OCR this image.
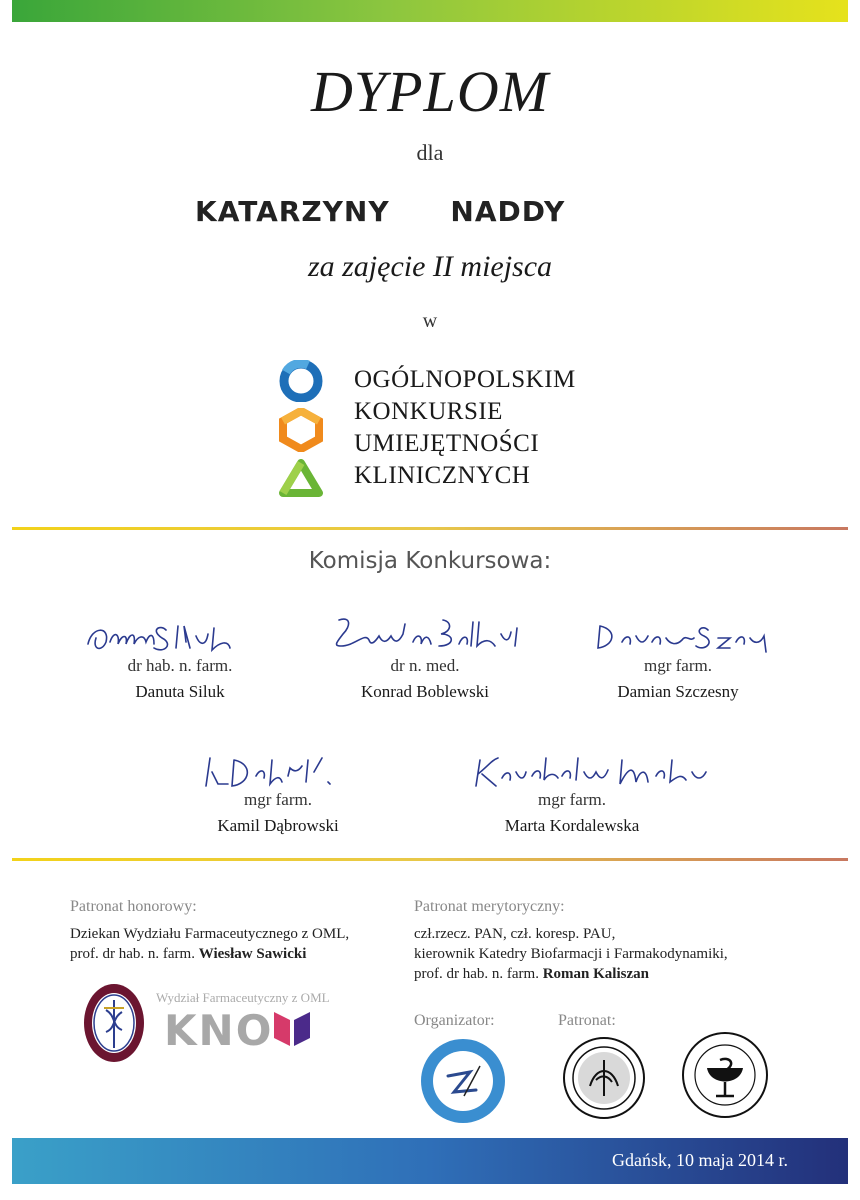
DYPLOM
dla
KATARZYNY NADDY
za zajęcie II miejsca
w
OGÓLNOPOLSKIM
KONKURSIE
UMIEJĘTNOŚCI
KLINICZNYCH
Komisja Konkursowa:
dr hab. n. farm.
Danuta Siluk
dr n. med.
Konrad Boblewski
mgr farm.
Damian Szczesny
mgr farm.
Kamil Dąbrowski
mgr farm.
Marta Kordalewska
Patronat honorowy:
Dziekan Wydziału Farmaceutycznego z OML,
prof. dr hab. n. farm. Wiesław Sawicki
Patronat merytoryczny:
czł.rzecz. PAN, czł. koresp. PAU,
kierownik Katedry Biofarmacji i Farmakodynamiki,
prof. dr hab. n. farm. Roman Kaliszan
Wydział Farmaceutyczny z OML
KNO	Organizator:	Patronat:
Gdańsk, 10 maja 2014 r.
